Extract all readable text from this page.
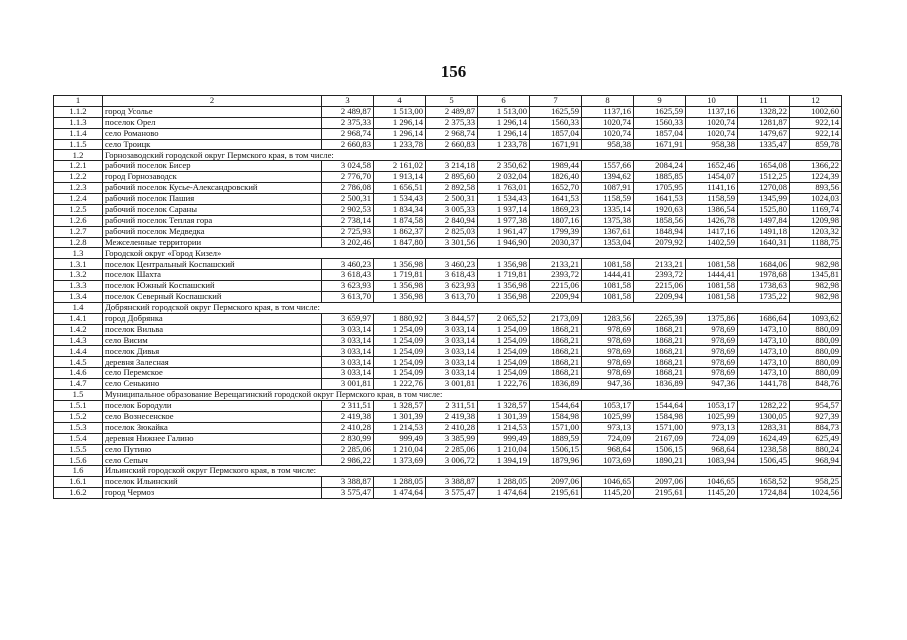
156
1	2	3	4	5	6	7	8	9	10	11	12
1.1.2	город Усолье	2 489,87	1 513,00	2 489,87	1 513,00	1625,59	1137,16	1625,59	1137,16	1328,22	1002,60
1.1.3	поселок Орел	2 375,33	1 296,14	2 375,33	1 296,14	1560,33	1020,74	1560,33	1020,74	1281,87	922,14
1.1.4	село Романово	2 968,74	1 296,14	2 968,74	1 296,14	1857,04	1020,74	1857,04	1020,74	1479,67	922,14
1.1.5	село Троицк	2 660,83	1 233,78	2 660,83	1 233,78	1671,91	958,38	1671,91	958,38	1335,47	859,78
1.2	Горнозаводский городской округ Пермского края, в том числе:										
1.2.1	рабочий поселок Бисер	3 024,58	2 161,02	3 214,18	2 350,62	1989,44	1557,66	2084,24	1652,46	1654,08	1366,22
1.2.2	город Горнозаводск	2 776,70	1 913,14	2 895,60	2 032,04	1826,40	1394,62	1885,85	1454,07	1512,25	1224,39
1.2.3	рабочий поселок Кусье-Александровский	2 786,08	1 656,51	2 892,58	1 763,01	1652,70	1087,91	1705,95	1141,16	1270,08	893,56
1.2.4	рабочий поселок Пашия	2 500,31	1 534,43	2 500,31	1 534,43	1641,53	1158,59	1641,53	1158,59	1345,99	1024,03
1.2.5	рабочий поселок Сараны	2 902,53	1 834,34	3 005,33	1 937,14	1869,23	1335,14	1920,63	1386,54	1525,80	1169,74
1.2.6	рабочий поселок Теплая гора	2 738,14	1 874,58	2 840,94	1 977,38	1807,16	1375,38	1858,56	1426,78	1497,84	1209,98
1.2.7	рабочий поселок Медведка	2 725,93	1 862,37	2 825,03	1 961,47	1799,39	1367,61	1848,94	1417,16	1491,18	1203,32
1.2.8	Межселенные территории	3 202,46	1 847,80	3 301,56	1 946,90	2030,37	1353,04	2079,92	1402,59	1640,31	1188,75
1.3	Городской округ «Город Кизел»										
1.3.1	поселок Центральный Коспашский	3 460,23	1 356,98	3 460,23	1 356,98	2133,21	1081,58	2133,21	1081,58	1684,06	982,98
1.3.2	поселок Шахта	3 618,43	1 719,81	3 618,43	1 719,81	2393,72	1444,41	2393,72	1444,41	1978,68	1345,81
1.3.3	поселок Южный Коспашский	3 623,93	1 356,98	3 623,93	1 356,98	2215,06	1081,58	2215,06	1081,58	1738,63	982,98
1.3.4	поселок Северный Коспашский	3 613,70	1 356,98	3 613,70	1 356,98	2209,94	1081,58	2209,94	1081,58	1735,22	982,98
1.4	Добрянский городской округ Пермского края, в том числе:										
1.4.1	город Добрянка	3 659,97	1 880,92	3 844,57	2 065,52	2173,09	1283,56	2265,39	1375,86	1686,64	1093,62
1.4.2	поселок Вильва	3 033,14	1 254,09	3 033,14	1 254,09	1868,21	978,69	1868,21	978,69	1473,10	880,09
1.4.3	село Висим	3 033,14	1 254,09	3 033,14	1 254,09	1868,21	978,69	1868,21	978,69	1473,10	880,09
1.4.4	поселок Дивья	3 033,14	1 254,09	3 033,14	1 254,09	1868,21	978,69	1868,21	978,69	1473,10	880,09
1.4.5	деревня Залесная	3 033,14	1 254,09	3 033,14	1 254,09	1868,21	978,69	1868,21	978,69	1473,10	880,09
1.4.6	село Перемское	3 033,14	1 254,09	3 033,14	1 254,09	1868,21	978,69	1868,21	978,69	1473,10	880,09
1.4.7	село Сенькино	3 001,81	1 222,76	3 001,81	1 222,76	1836,89	947,36	1836,89	947,36	1441,78	848,76
1.5	Муниципальное образование Верещагинский городской округ Пермского края, в том числе:										
1.5.1	поселок Бородули	2 311,51	1 328,57	2 311,51	1 328,57	1544,64	1053,17	1544,64	1053,17	1282,22	954,57
1.5.2	село Вознесенское	2 419,38	1 301,39	2 419,38	1 301,39	1584,98	1025,99	1584,98	1025,99	1300,05	927,39
1.5.3	поселок Зюкайка	2 410,28	1 214,53	2 410,28	1 214,53	1571,00	973,13	1571,00	973,13	1283,31	884,73
1.5.4	деревня Нижнее Галино	2 830,99	999,49	3 385,99	999,49	1889,59	724,09	2167,09	724,09	1624,49	625,49
1.5.5	село Путино	2 285,06	1 210,04	2 285,06	1 210,04	1506,15	968,64	1506,15	968,64	1238,58	880,24
1.5.6	село Сепыч	2 986,22	1 373,69	3 006,72	1 394,19	1879,96	1073,69	1890,21	1083,94	1506,45	968,94
1.6	Ильинский городской округ Пермского края, в том числе:										
1.6.1	поселок Ильинский	3 388,87	1 288,05	3 388,87	1 288,05	2097,06	1046,65	2097,06	1046,65	1658,52	958,25
1.6.2	город Чермоз	3 575,47	1 474,64	3 575,47	1 474,64	2195,61	1145,20	2195,61	1145,20	1724,84	1024,56
